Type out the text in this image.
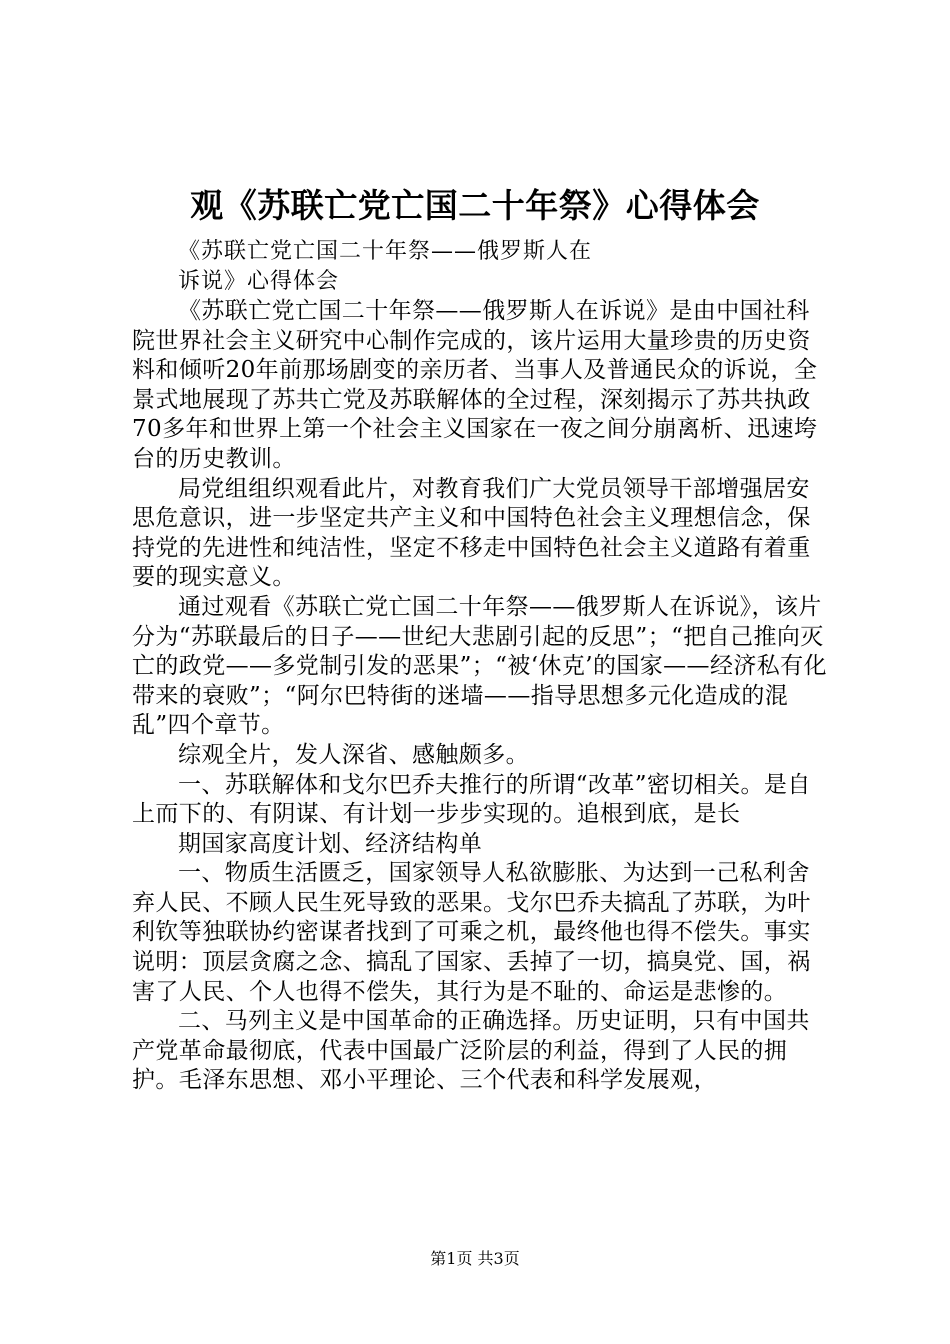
观《苏联亡党亡国二十年祭》心得体会
《苏联亡党亡国二十年祭——俄罗斯人在
诉说》心得体会

《苏联亡党亡国二十年祭——俄罗斯人在诉说》是由中国社科院世界社会主义研究中心制作完成的，该片运用大量珍贵的历史资料和倾听20年前那场剧变的亲历者、当事人及普通民众的诉说，全景式地展现了苏共亡党及苏联解体的全过程，深刻揭示了苏共执政70多年和世界上第一个社会主义国家在一夜之间分崩离析、迅速垮台的历史教训。

局党组组织观看此片，对教育我们广大党员领导干部增强居安思危意识，进一步坚定共产主义和中国特色社会主义理想信念，保持党的先进性和纯洁性，坚定不移走中国特色社会主义道路有着重要的现实意义。

通过观看《苏联亡党亡国二十年祭——俄罗斯人在诉说》，该片分为“苏联最后的日子——世纪大悲剧引起的反思”；“把自己推向灭亡的政党——多党制引发的恶果”；“被‘休克’的国家——经济私有化带来的衰败”；“阿尔巴特街的迷墙——指导思想多元化造成的混乱”四个章节。

综观全片，发人深省、感触颇多。

一、苏联解体和戈尔巴乔夫推行的所谓“改革”密切相关。是自上而下的、有阴谋、有计划一步步实现的。追根到底，是长

期国家高度计划、经济结构单

一、物质生活匮乏，国家领导人私欲膨胀、为达到一己私利舍弃人民、不顾人民生死导致的恶果。戈尔巴乔夫搞乱了苏联，为叶利钦等独联协约密谋者找到了可乘之机，最终他也得不偿失。事实说明：顶层贪腐之念、搞乱了国家、丢掉了一切，搞臭党、国，祸害了人民、个人也得不偿失，其行为是不耻的、命运是悲惨的。

二、马列主义是中国革命的正确选择。历史证明，只有中国共产党革命最彻底，代表中国最广泛阶层的利益，得到了人民的拥护。毛泽东思想、邓小平理论、三个代表和科学发展观，

第1页 共3页
